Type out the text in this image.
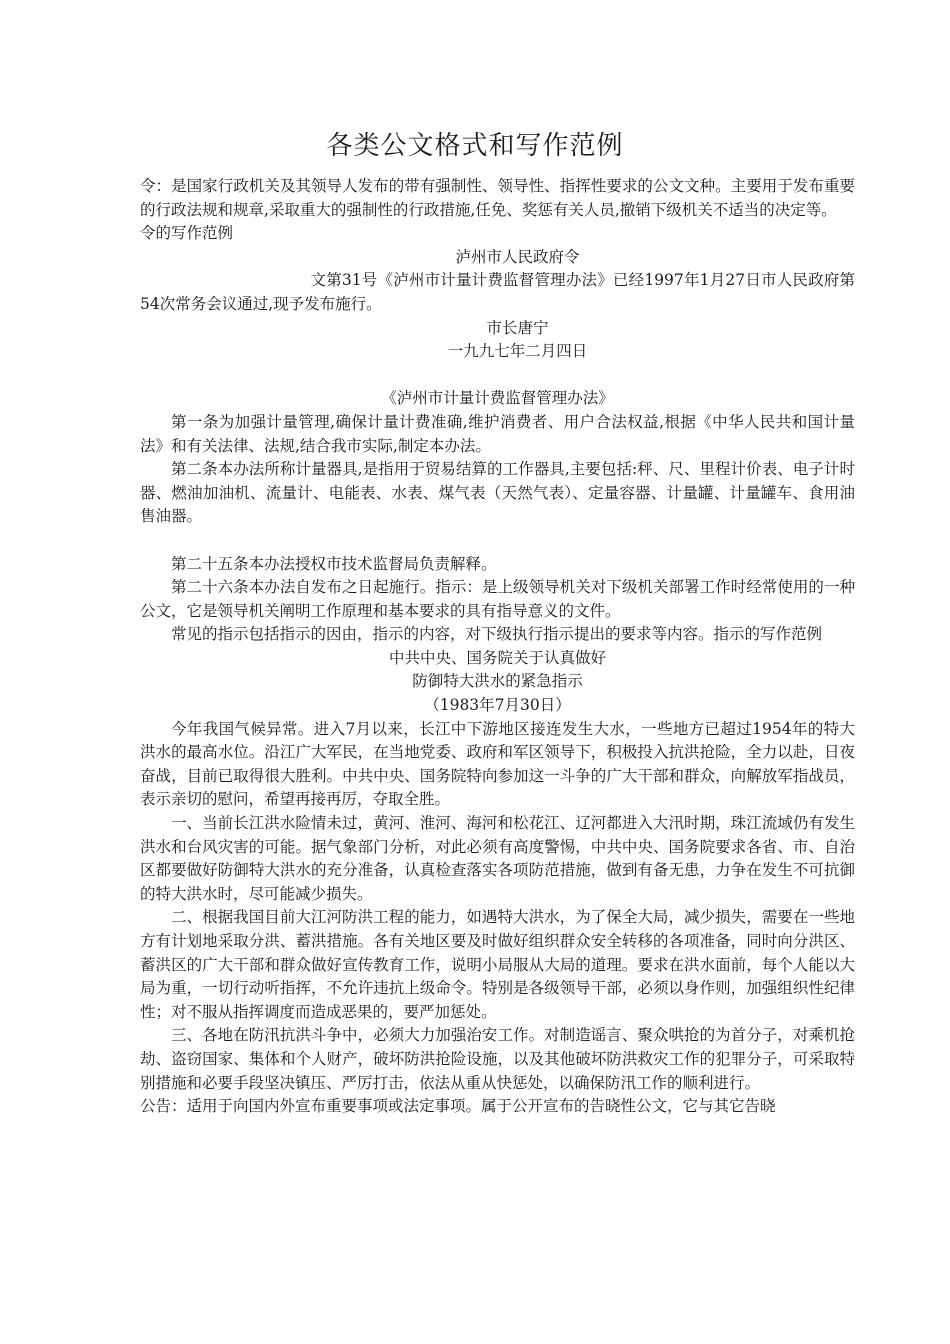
各类公文格式和写作范例

令：是国家行政机关及其领导人发布的带有强制性、领导性、指挥性要求的公文文种。主要用于发布重要的行政法规和规章,采取重大的强制性的行政措施,任免、奖惩有关人员,撤销下级机关不适当的决定等。

令的写作范例

泸州市人民政府令

文第31号《泸州市计量计费监督管理办法》已经1997年1月27日市人民政府第54次常务会议通过,现予发布施行。

市长唐宁

一九九七年二月四日

《泸州市计量计费监督管理办法》

第一条为加强计量管理,确保计量计费准确,维护消费者、用户合法权益,根据《中华人民共和国计量法》和有关法律、法规,结合我市实际,制定本办法。

第二条本办法所称计量器具,是指用于贸易结算的工作器具,主要包括:秤、尺、里程计价表、电子计时器、燃油加油机、流量计、电能表、水表、煤气表（天然气表）、定量容器、计量罐、计量罐车、食用油售油器。

第二十五条本办法授权市技术监督局负责解释。

第二十六条本办法自发布之日起施行。指示：是上级领导机关对下级机关部署工作时经常使用的一种公文，它是领导机关阐明工作原理和基本要求的具有指导意义的文件。

常见的指示包括指示的因由，指示的内容，对下级执行指示提出的要求等内容。指示的写作范例

中共中央、国务院关于认真做好

防御特大洪水的紧急指示

（1983年7月30日）

今年我国气候异常。进入7月以来，长江中下游地区接连发生大水，一些地方已超过1954年的特大洪水的最高水位。沿江广大军民，在当地党委、政府和军区领导下，积极投入抗洪抢险，全力以赴，日夜奋战，目前已取得很大胜利。中共中央、国务院特向参加这一斗争的广大干部和群众，向解放军指战员，表示亲切的慰问，希望再接再厉，夺取全胜。

一、当前长江洪水险情未过，黄河、淮河、海河和松花江、辽河都进入大汛时期，珠江流域仍有发生洪水和台风灾害的可能。据气象部门分析，对此必须有高度警惕，中共中央、国务院要求各省、市、自治区都要做好防御特大洪水的充分准备，认真检查落实各项防范措施，做到有备无患，力争在发生不可抗御的特大洪水时，尽可能减少损失。

二、根据我国目前大江河防洪工程的能力，如遇特大洪水，为了保全大局，减少损失，需要在一些地方有计划地采取分洪、蓄洪措施。各有关地区要及时做好组织群众安全转移的各项准备，同时向分洪区、蓄洪区的广大干部和群众做好宣传教育工作，说明小局服从大局的道理。要求在洪水面前，每个人能以大局为重，一切行动听指挥，不允许违抗上级命令。特别是各级领导干部，必须以身作则，加强组织性纪律性；对不服从指挥调度而造成恶果的，要严加惩处。

三、各地在防汛抗洪斗争中，必须大力加强治安工作。对制造谣言、聚众哄抢的为首分子，对乘机抢劫、盗窃国家、集体和个人财产，破坏防洪抢险设施，以及其他破坏防洪救灾工作的犯罪分子，可采取特别措施和必要手段坚决镇压、严厉打击，依法从重从快惩处，以确保防汛工作的顺利进行。

公告：适用于向国内外宣布重要事项或法定事项。属于公开宣布的告晓性公文，它与其它告晓
